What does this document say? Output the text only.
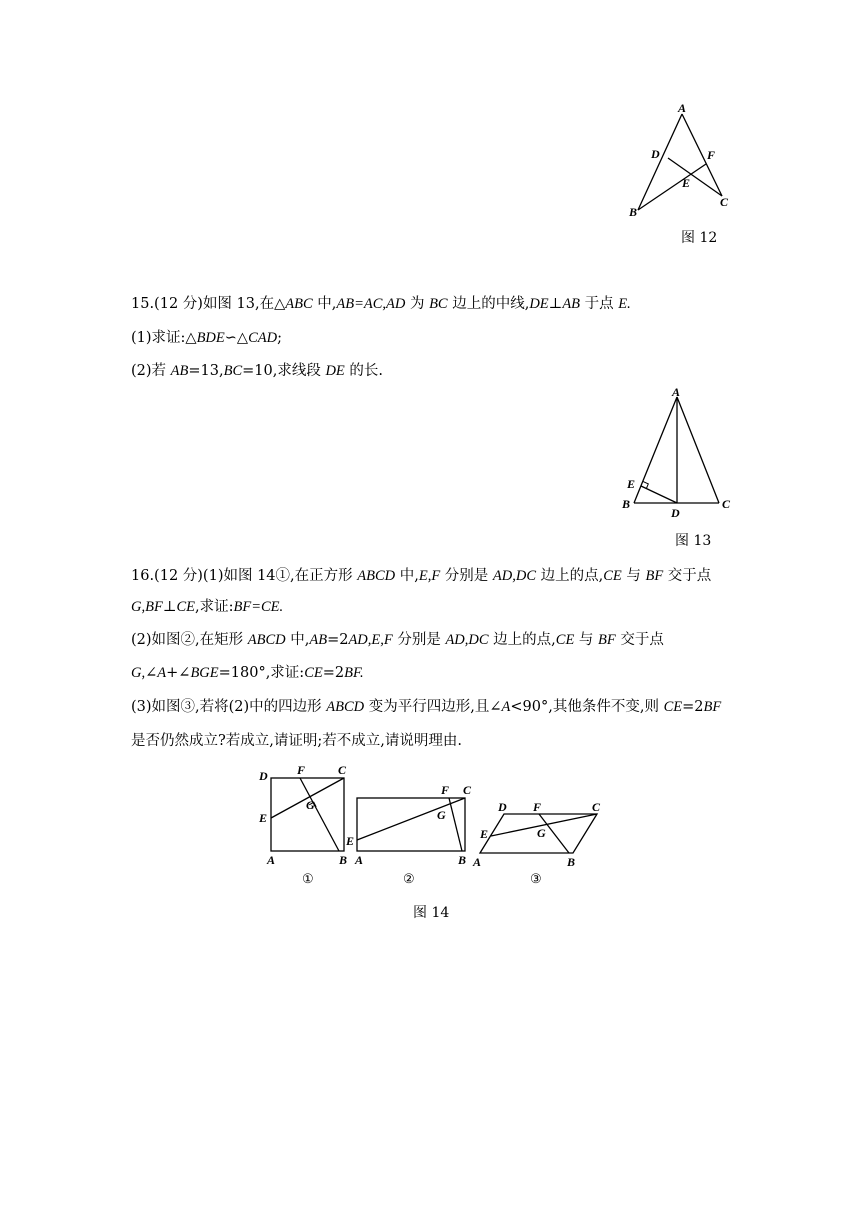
A
D	F
E
B
C
图 12
15.(12 分)如图 13,在△ABC 中,AB=AC,AD 为 BC 边上的中线,DE⊥AB 于点 E.
(1)求证:△BDE∽△CAD;
(2)若 AB=13,BC=10,求线段 DE 的长.
A
E
B
D
C
图 13
16.(12 分)(1)如图 14①,在正方形 ABCD 中,E,F 分别是 AD,DC 边上的点,CE 与 BF 交于点
G,BF⊥CE,求证:BF=CE.
(2)如图②,在矩形 ABCD 中,AB=2AD,E,F 分别是 AD,DC 边上的点,CE 与 BF 交于点
G,∠A+∠BGE=180°,求证:CE=2BF.
(3)如图③,若将(2)中的四边形 ABCD 变为平行四边形,且∠A<90°,其他条件不变,则 CE=2BF
是否仍然成立?若成立,请证明;若不成立,请说明理由.
D F	C
G
E
A	B
①
F C
G
E
A	B
②
D F	C
G
E
A	B
③
图 14
